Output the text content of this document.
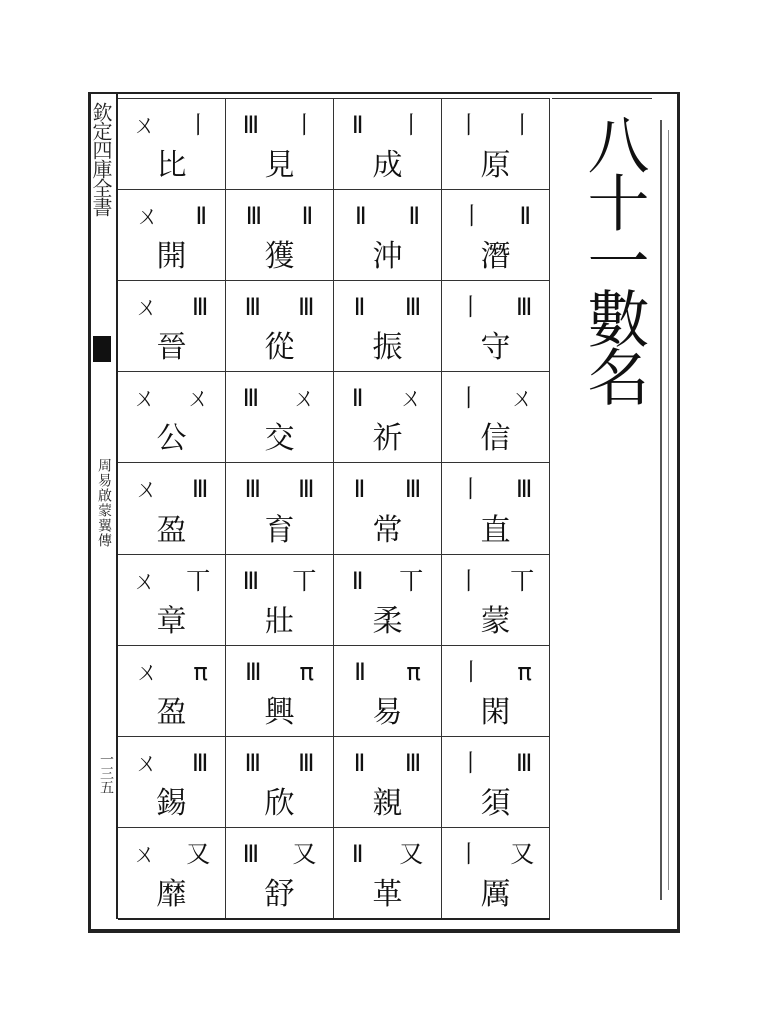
欽定四庫全書
周易啟蒙翼傳
一三五
ㄨ 丨
比
Ⅲ 丨
見
Ⅱ 丨
成
丨 丨
原
ㄨ Ⅱ
開
Ⅲ Ⅱ
獲
Ⅱ Ⅱ
沖
丨 Ⅱ
潛
ㄨ Ⅲ
晉
Ⅲ Ⅲ
從
Ⅱ Ⅲ
振
丨 Ⅲ
守
ㄨ ㄨ
公
Ⅲ ㄨ
交
Ⅱ ㄨ
祈
丨 ㄨ
信
ㄨ Ⅲ
盈
Ⅲ Ⅲ
育
Ⅱ Ⅲ
常
丨 Ⅲ
直
ㄨ 丅
章
Ⅲ 丅
壯
Ⅱ 丅
柔
丨 丅
蒙
ㄨ π
盈
Ⅲ π
興
Ⅱ π
易
丨 π
閑
ㄨ Ⅲ
錫
Ⅲ Ⅲ
欣
Ⅱ Ⅲ
親
丨 Ⅲ
須
ㄨ 又
靡
Ⅲ 又
舒
Ⅱ 又
革
丨 又
厲
八十一數名
